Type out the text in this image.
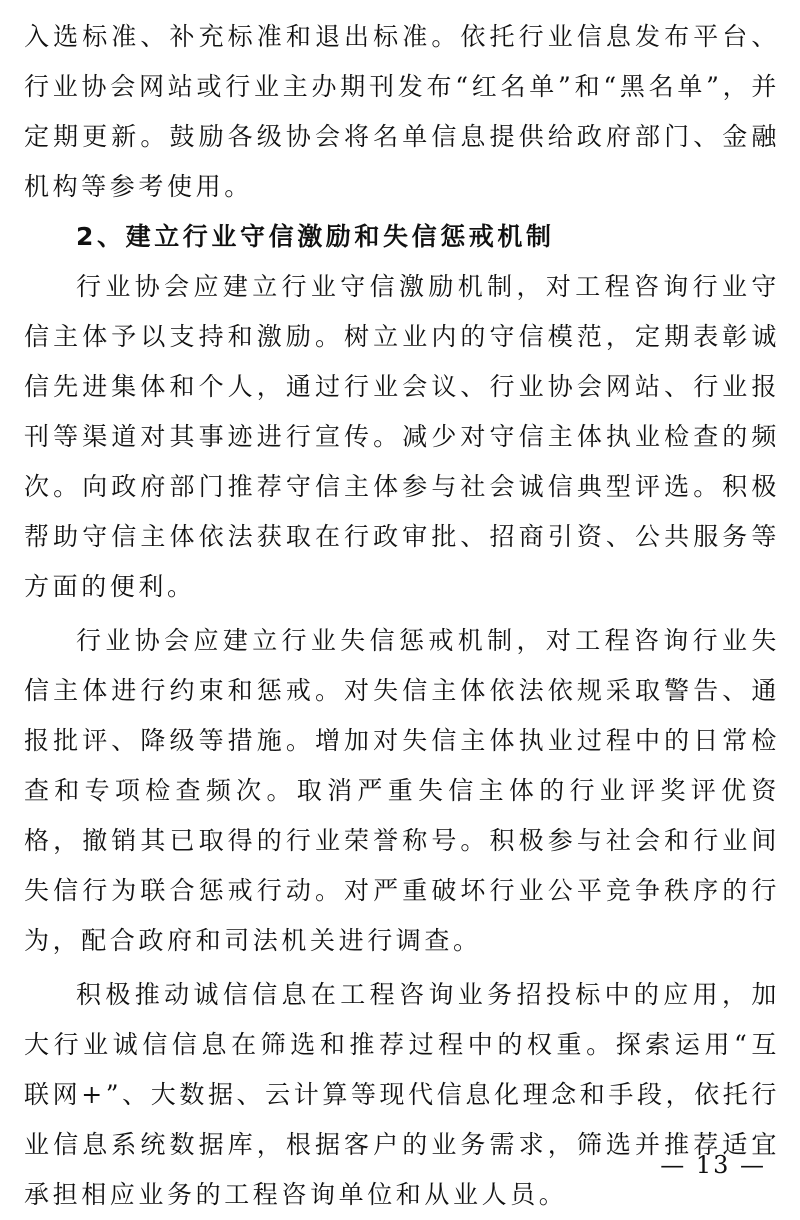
入选标准、补充标准和退出标准。依托行业信息发布平台、行业协会网站或行业主办期刊发布“红名单”和“黑名单”，并定期更新。鼓励各级协会将名单信息提供给政府部门、金融机构等参考使用。

2、建立行业守信激励和失信惩戒机制

行业协会应建立行业守信激励机制，对工程咨询行业守信主体予以支持和激励。树立业内的守信模范，定期表彰诚信先进集体和个人，通过行业会议、行业协会网站、行业报刊等渠道对其事迹进行宣传。减少对守信主体执业检查的频次。向政府部门推荐守信主体参与社会诚信典型评选。积极帮助守信主体依法获取在行政审批、招商引资、公共服务等方面的便利。

行业协会应建立行业失信惩戒机制，对工程咨询行业失信主体进行约束和惩戒。对失信主体依法依规采取警告、通报批评、降级等措施。增加对失信主体执业过程中的日常检查和专项检查频次。取消严重失信主体的行业评奖评优资格，撤销其已取得的行业荣誉称号。积极参与社会和行业间失信行为联合惩戒行动。对严重破坏行业公平竞争秩序的行为，配合政府和司法机关进行调查。

积极推动诚信信息在工程咨询业务招投标中的应用，加大行业诚信信息在筛选和推荐过程中的权重。探索运用“互联网+”、大数据、云计算等现代信息化理念和手段，依托行业信息系统数据库，根据客户的业务需求，筛选并推荐适宜承担相应业务的工程咨询单位和从业人员。

— 13 —
